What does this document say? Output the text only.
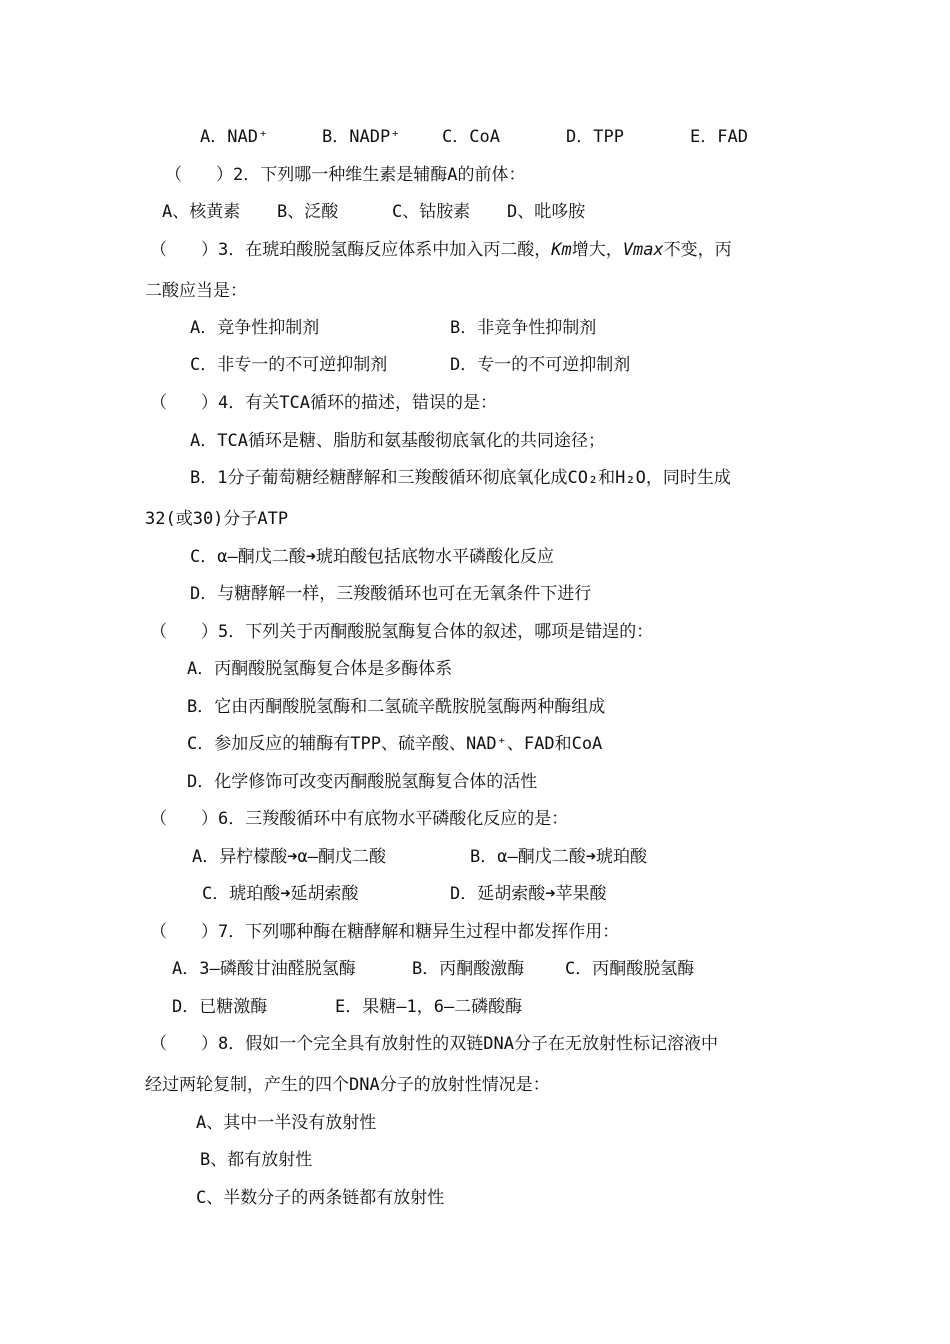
A．NAD⁺	B．NADP⁺ C．CoA	D．TPP	E．FAD
（　　）2．下列哪一种维生素是辅酶A的前体：
A、核黄素 B、泛酸	C、钴胺素 D、吡哆胺
（　　）3．在琥珀酸脱氢酶反应体系中加入丙二酸，Km增大，Vmax不变，丙
二酸应当是：
A．竞争性抑制剂	B．非竞争性抑制剂
C．非专一的不可逆抑制剂	D．专一的不可逆抑制剂
（　　）4．有关TCA循环的描述，错误的是：
A．TCA循环是糖、脂肪和氨基酸彻底氧化的共同途径；
B．1分子葡萄糖经糖酵解和三羧酸循环彻底氧化成CO₂和H₂O，同时生成
32(或30)分子ATP
C．α—酮戊二酸➜琥珀酸包括底物水平磷酸化反应
D．与糖酵解一样，三羧酸循环也可在无氧条件下进行
（　　）5．下列关于丙酮酸脱氢酶复合体的叙述，哪项是错逞的：
A．丙酮酸脱氢酶复合体是多酶体系
B．它由丙酮酸脱氢酶和二氢硫辛酰胺脱氢酶两种酶组成
C．参加反应的辅酶有TPP、硫辛酸、NAD⁺、FAD和CoA
D．化学修饰可改变丙酮酸脱氢酶复合体的活性
（　　）6．三羧酸循环中有底物水平磷酸化反应的是：
A．异柠檬酸➜α—酮戊二酸	B．α—酮戊二酸➜琥珀酸
C．琥珀酸➜延胡索酸	D．延胡索酸➜苹果酸
（　　）7．下列哪种酶在糖酵解和糖异生过程中都发挥作用：
A．3—磷酸甘油醛脱氢酶	B．丙酮酸激酶 C．丙酮酸脱氢酶
D．已糖激酶	E．果糖—1，6—二磷酸酶
（　　）8．假如一个完全具有放射性的双链DNA分子在无放射性标记溶液中
经过两轮复制，产生的四个DNA分子的放射性情况是：
A、其中一半没有放射性
B、都有放射性
C、半数分子的两条链都有放射性
